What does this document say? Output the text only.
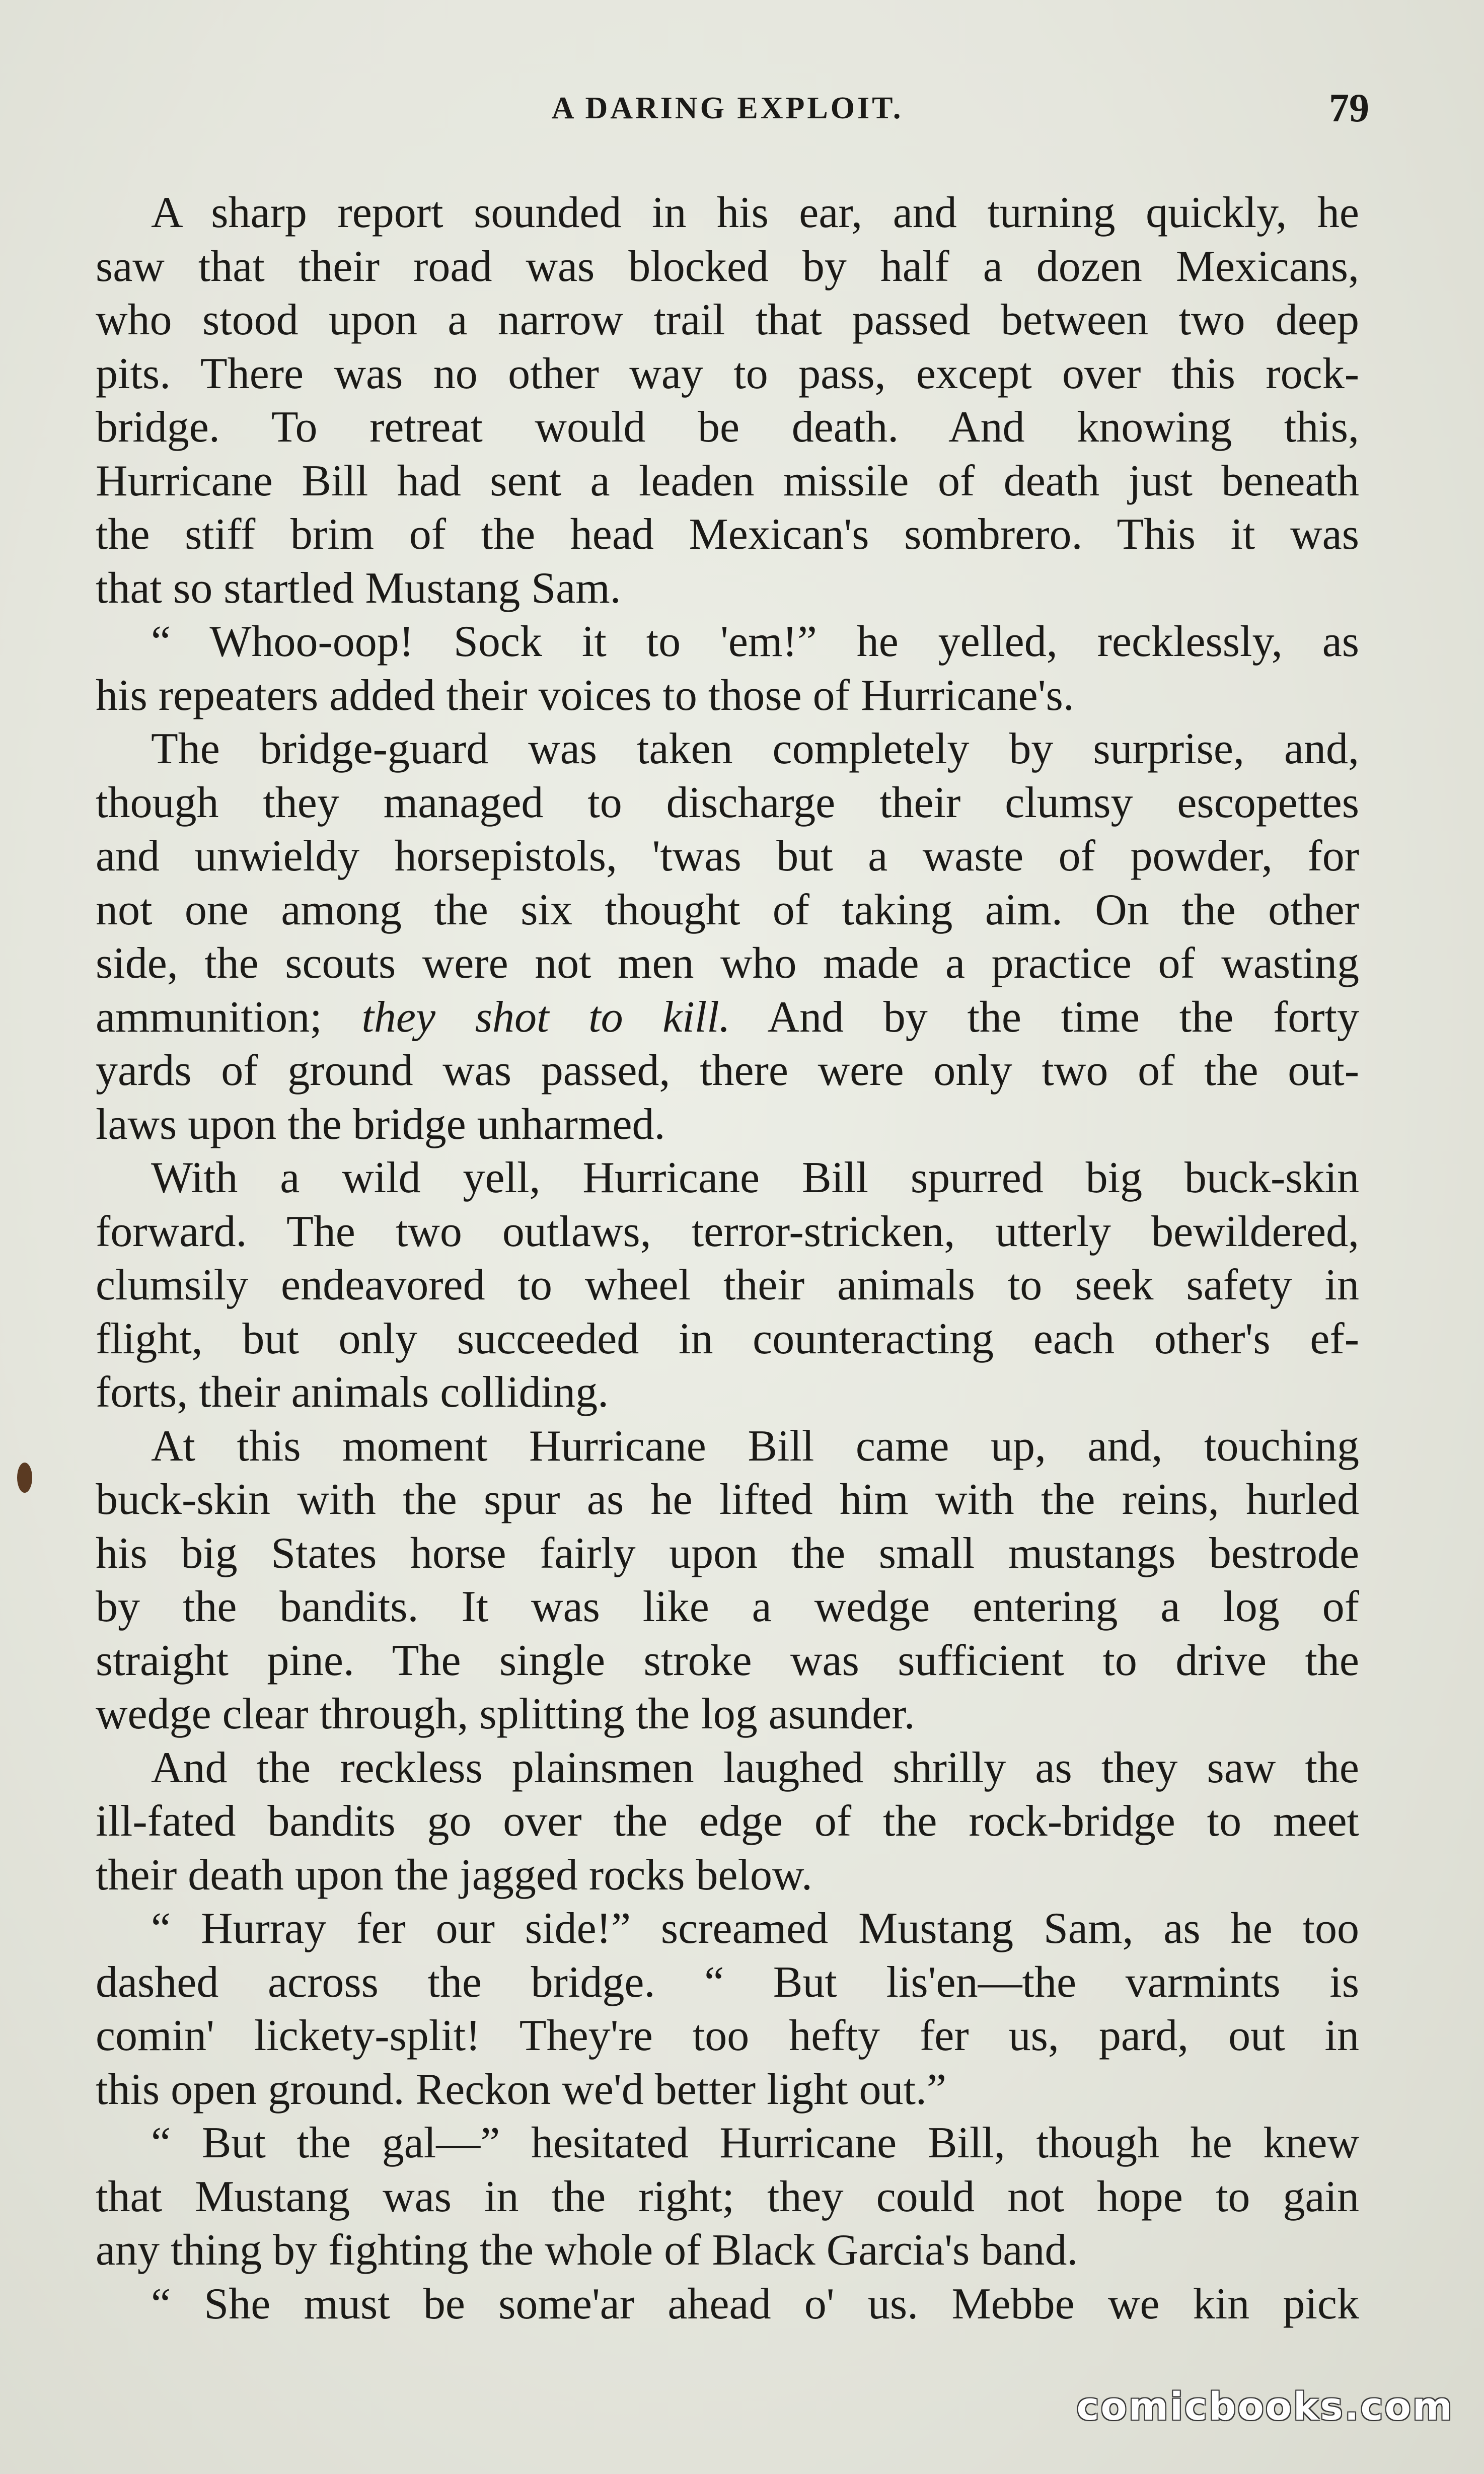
A DARING EXPLOIT.	79
A sharp report sounded in his ear, and turning quickly, he
saw that their road was blocked by half a dozen Mexicans,
who stood upon a narrow trail that passed between two deep
pits. There was no other way to pass, except over this rock-
bridge. To retreat would be death. And knowing this,
Hurricane Bill had sent a leaden missile of death just beneath
the stiff brim of the head Mexican's sombrero. This it was
that so startled Mustang Sam.
“ Whoo-oop! Sock it to 'em!” he yelled, recklessly, as
his repeaters added their voices to those of Hurricane's.
The bridge-guard was taken completely by surprise, and,
though they managed to discharge their clumsy escopettes
and unwieldy horsepistols, 'twas but a waste of powder, for
not one among the six thought of taking aim. On the other
side, the scouts were not men who made a practice of wasting
ammunition; they shot to kill. And by the time the forty
yards of ground was passed, there were only two of the out-
laws upon the bridge unharmed.
With a wild yell, Hurricane Bill spurred big buck-skin
forward. The two outlaws, terror-stricken, utterly bewildered,
clumsily endeavored to wheel their animals to seek safety in
flight, but only succeeded in counteracting each other's ef-
forts, their animals colliding.
At this moment Hurricane Bill came up, and, touching
buck-skin with the spur as he lifted him with the reins, hurled
his big States horse fairly upon the small mustangs bestrode
by the bandits. It was like a wedge entering a log of
straight pine. The single stroke was sufficient to drive the
wedge clear through, splitting the log asunder.
And the reckless plainsmen laughed shrilly as they saw the
ill-fated bandits go over the edge of the rock-bridge to meet
their death upon the jagged rocks below.
“ Hurray fer our side!” screamed Mustang Sam, as he too
dashed across the bridge. “ But lis'en—the varmints is
comin' lickety-split! They're too hefty fer us, pard, out in
this open ground. Reckon we'd better light out.”
“ But the gal—” hesitated Hurricane Bill, though he knew
that Mustang was in the right; they could not hope to gain
any thing by fighting the whole of Black Garcia's band.
“ She must be some'ar ahead o' us. Mebbe we kin pick
comicbooks.com
